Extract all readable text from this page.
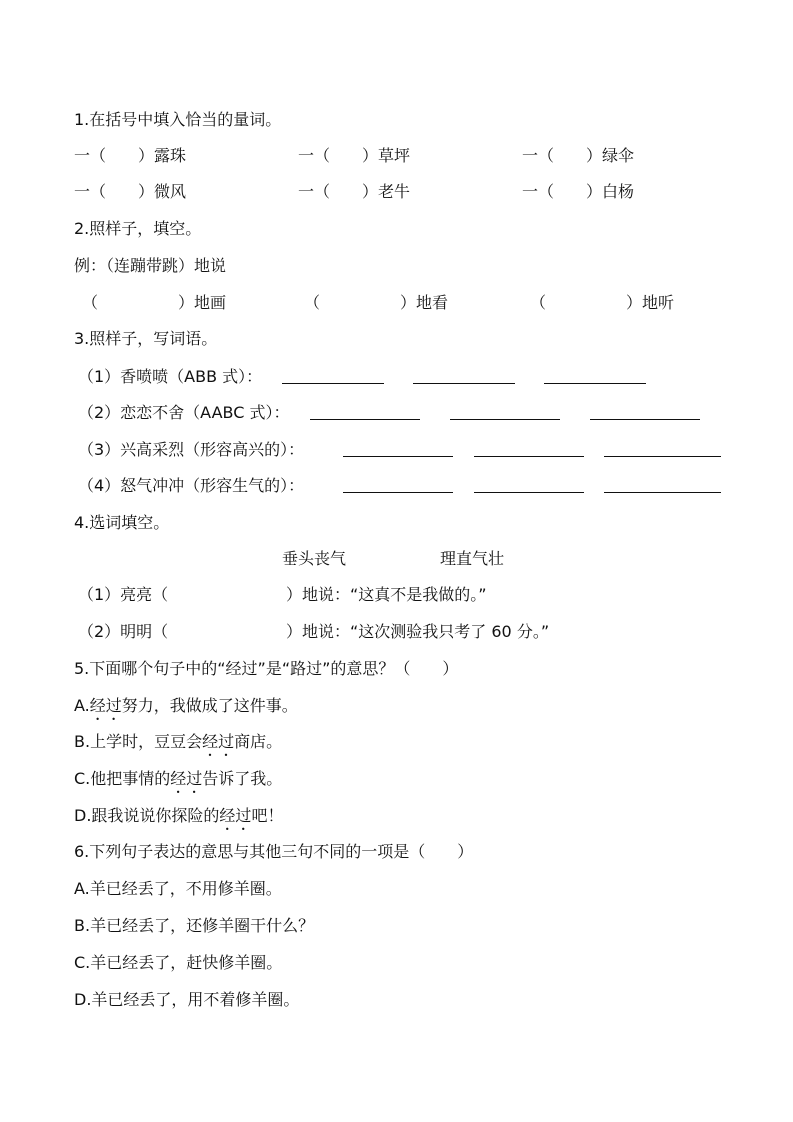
1.在括号中填入恰当的量词。
一（　　）露珠	一（　　）草坪	一（　　）绿伞
一（　　）微风	一（　　）老牛	一（　　）白杨
2.照样子，填空。
例：（连蹦带跳）地说
（　　　　　）地画	（　　　　　）地看	（　　　　　）地听
3.照样子，写词语。
（1）香喷喷（ABB 式）：
（2）恋恋不舍（AABC 式）：
（3）兴高采烈（形容高兴的）：
（4）怒气冲冲（形容生气的）：
4.选词填空。
垂头丧气	理直气壮
（1）亮亮（	）地说：“这真不是我做的。”
（2）明明（	）地说：“这次测验我只考了 60 分。”
5.下面哪个句子中的“经过”是“路过”的意思？（　　）
A.经过努力，我做成了这件事。
B.上学时，豆豆会经过商店。
C.他把事情的经过告诉了我。
D.跟我说说你探险的经过吧！
6.下列句子表达的意思与其他三句不同的一项是（　　）
A.羊已经丢了，不用修羊圈。
B.羊已经丢了，还修羊圈干什么？
C.羊已经丢了，赶快修羊圈。
D.羊已经丢了，用不着修羊圈。
